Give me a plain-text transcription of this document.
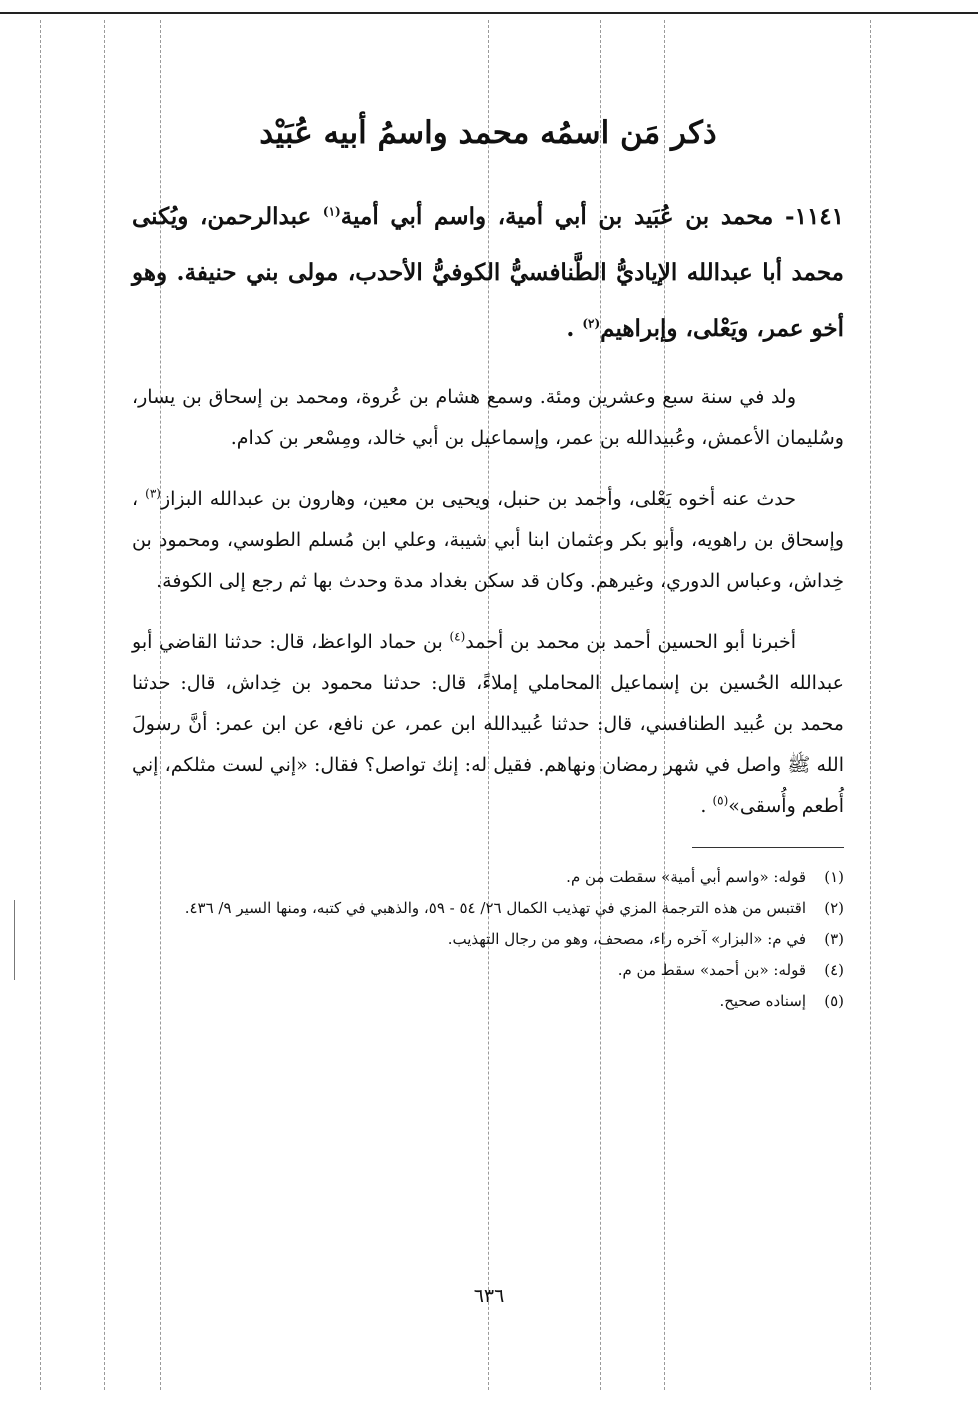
ذكر مَن اسمُه محمد واسمُ أبيه عُبَيْد
١١٤١- محمد بن عُبَيد بن أبي أمية، واسم أبي أمية$^{(١)}$ عبدالرحمن، ويُكنى محمد أبا عبدالله الإياديُّ الطَّنافسيُّ الكوفيُّ الأحدب، مولى بني حنيفة. وهو أخو عمر، ويَعْلى، وإبراهيم$^{(٢)}$ .

ولد في سنة سبع وعشرين ومئة. وسمع هشام بن عُروة، ومحمد بن إسحاق بن يسار، وسُليمان الأعمش، وعُبيدالله بن عمر، وإسماعيل بن أبي خالد، ومِسْعر بن كدام.

حدث عنه أخوه يَعْلى، وأحمد بن حنبل، ويحيى بن معين، وهارون بن عبدالله البزاز$^{(٣)}$ ، وإسحاق بن راهويه، وأبو بكر وعثمان ابنا أبي شيبة، وعلي ابن مُسلم الطوسي، ومحمود بن خِداش، وعباس الدوري، وغيرهم. وكان قد سكن بغداد مدة وحدث بها ثم رجع إلى الكوفة.

أخبرنا أبو الحسين أحمد بن محمد بن أحمد$^{(٤)}$ بن حماد الواعظ، قال: حدثنا القاضي أبو عبدالله الحُسين بن إسماعيل المحاملي إملاءً، قال: حدثنا محمود بن خِداش، قال: حدثنا محمد بن عُبيد الطنافسي، قال: حدثنا عُبيدالله ابن عمر، عن نافع، عن ابن عمر: أنَّ رسولَ الله ﷺ واصل في شهر رمضان ونهاهم. فقيل له: إنك تواصل؟ فقال: «إني لست مثلكم، إني أُطعم وأُسقى»$^{(٥)}$ .

(١)
قوله: «واسم أبي أمية» سقطت من م.
(٢)
اقتبس من هذه الترجمة المزي في تهذيب الكمال ٢٦/ ٥٤ - ٥٩، والذهبي في كتبه، ومنها السير ٩/ ٤٣٦.
(٣)
في م: «البزار» آخره راء، مصحف، وهو من رجال التهذيب.
(٤)
قوله: «بن أحمد» سقط من م.
(٥)
إسناده صحيح.
٦٣٦
